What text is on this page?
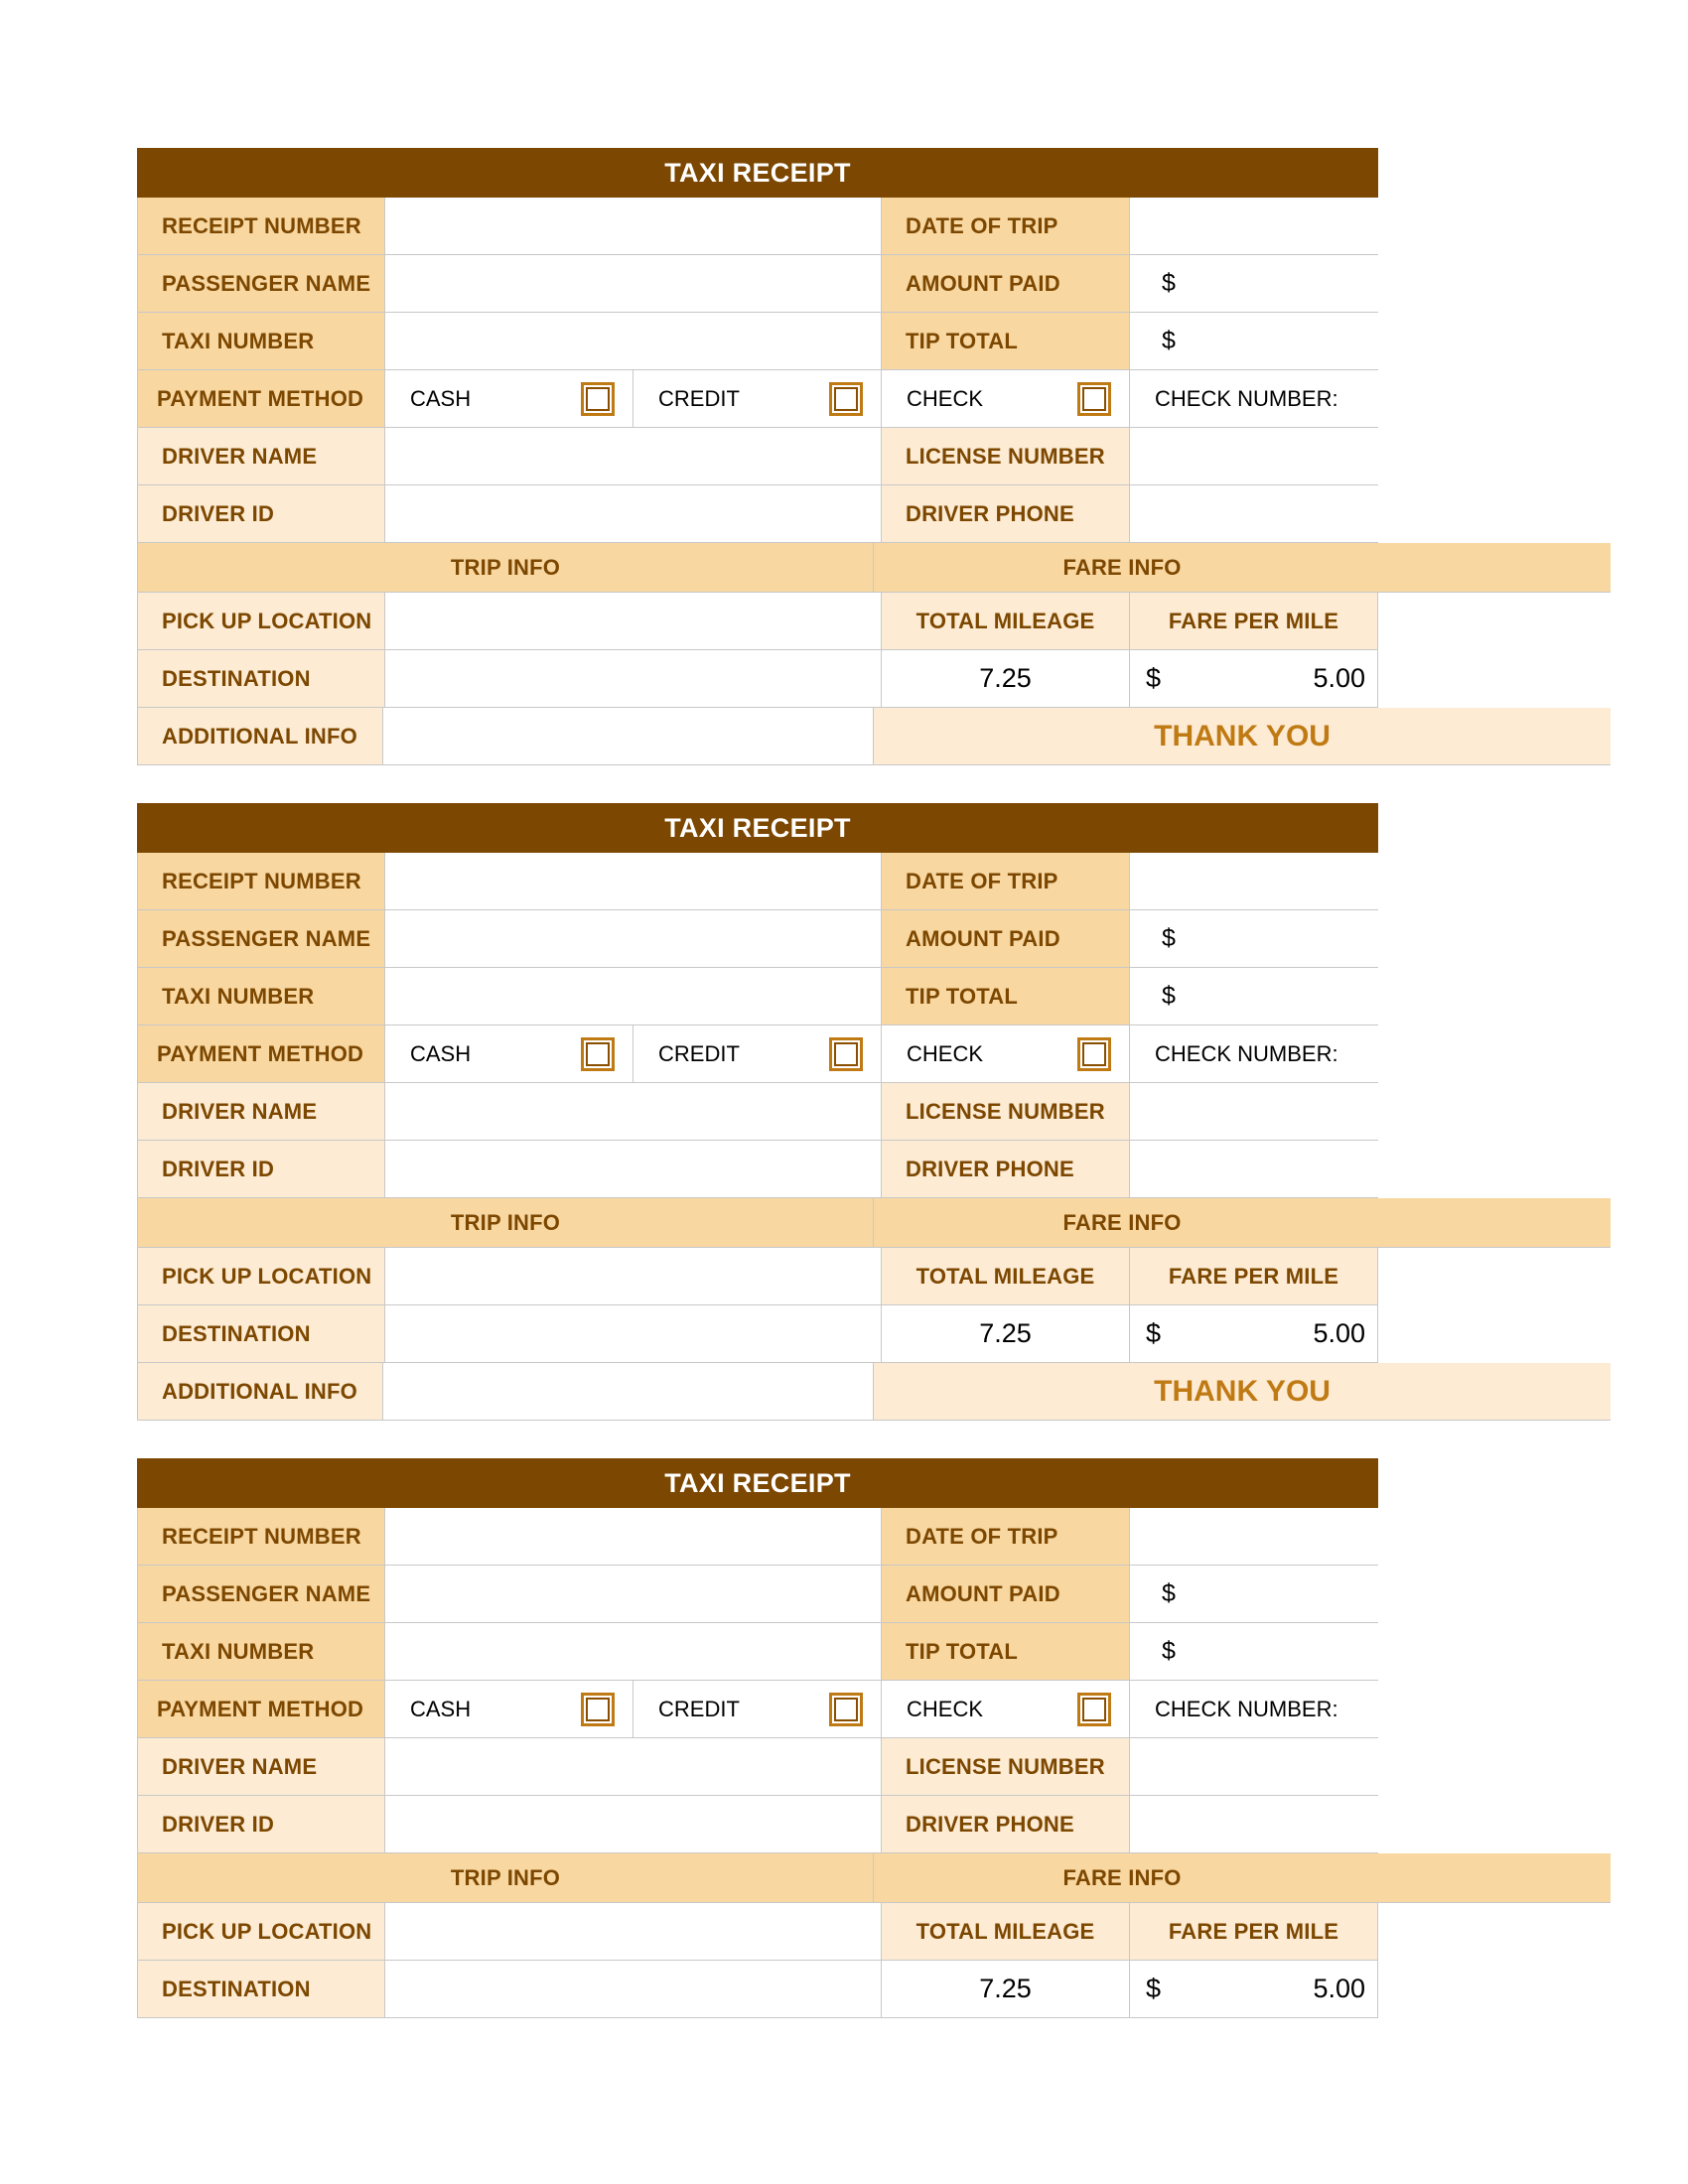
TAXI RECEIPT
RECEIPT NUMBER	DATE OF TRIP
PASSENGER NAME	AMOUNT PAID	$
TAXI NUMBER	TIP TOTAL	$
PAYMENT METHOD	CASH	CREDIT	CHECK	CHECK NUMBER:
DRIVER NAME	LICENSE NUMBER
DRIVER ID	DRIVER PHONE
TRIP INFO	FARE INFO
PICK UP LOCATION	TOTAL MILEAGE	FARE PER MILE
DESTINATION	7.25	$	5.00
ADDITIONAL INFO	THANK YOU
TAXI RECEIPT
RECEIPT NUMBER	DATE OF TRIP
PASSENGER NAME	AMOUNT PAID	$
TAXI NUMBER	TIP TOTAL	$
PAYMENT METHOD	CASH	CREDIT	CHECK	CHECK NUMBER:
DRIVER NAME	LICENSE NUMBER
DRIVER ID	DRIVER PHONE
TRIP INFO	FARE INFO
PICK UP LOCATION	TOTAL MILEAGE	FARE PER MILE
DESTINATION	7.25	$	5.00
ADDITIONAL INFO	THANK YOU
TAXI RECEIPT
RECEIPT NUMBER	DATE OF TRIP
PASSENGER NAME	AMOUNT PAID	$
TAXI NUMBER	TIP TOTAL	$
PAYMENT METHOD	CASH	CREDIT	CHECK	CHECK NUMBER:
DRIVER NAME	LICENSE NUMBER
DRIVER ID	DRIVER PHONE
TRIP INFO	FARE INFO
PICK UP LOCATION	TOTAL MILEAGE	FARE PER MILE
DESTINATION	7.25	$	5.00
